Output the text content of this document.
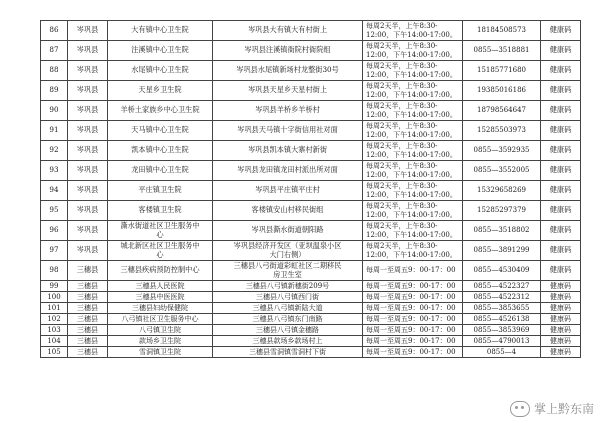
86	岑巩县	大有镇中心卫生院	岑巩县大有镇大有村街上	每周2天半，上午8:30-
12:00，下午14:00-17:00。	18184508573	健康码
87	岑巩县	注溪镇中心卫生院	岑巩县注溪镇衙院村衙院组	每周2天半，上午8:30-
12:00，下午14:00-17:00。	0855—3518881	健康码
88	岑巩县	水尾镇中心卫生院	岑巩县水尾镇新场村龙整街30号	每周2天半，上午8:30-
12:00，下午14:00-17:00。	15185771680	健康码
89	岑巩县	天星乡卫生院	岑巩县天星乡天星村街上	每周2天半，上午8:30-
12:00，下午14:00-17:00。	19385016186	健康码
90	岑巩县	羊桥土家族乡中心卫生院	岑巩县羊桥乡羊桥村	每周2天半，上午8:30-
12:00，下午14:00-17:00。	18798564647	健康码
91	岑巩县	天马镇中心卫生院	岑巩县天马镇十字街信用社对面	每周2天半，上午8:30-
12:00，下午14:00-17:00。	15285503973	健康码
92	岑巩县	凯本镇中心卫生院	岑巩县凯本镇大寨村新街	每周2天半，上午8:30-
12:00，下午14:00-17:00。	0855—3592935	健康码
93	岑巩县	龙田镇中心卫生院	岑巩县龙田镇龙田村派出所对面	每周2天半，上午8:30-
12:00，下午14:00-17:00。	0855—3552005	健康码
94	岑巩县	平庄镇卫生院	岑巩县平庄镇平庄村	每周2天半，上午8:30-
12:00，下午14:00-17:00。	15329658269	健康码
95	岑巩县	客楼镇卫生院	客楼镇安山村移民街组	每周2天半，上午8:30-
12:00，下午14:00-17:00。	15285297379	健康码
96	岑巩县	澌水街道社区卫生服务中
心	岑巩县澌水街道朝阳路	每周2天半，上午8:30-
12:00，下午14:00-17:00。	0855—3518802	健康码
97	岑巩县	城北新区社区卫生服务中
心	岑巩县经济开发区（亚坝温泉小区
大门右侧）	每周2天半，上午8:30-
12:00，下午14:00-17:00。	0855—3891299	健康码
98	三穗县	三穗县疾病预防控制中心	三穗县八弓街道彩虹社区二期移民
房卫生室	每周一至周五9：00-17：00	0855—4530409	健康码
99	三穗县	三穗县人民医院	三穗县八弓镇新穗街209号	每周一至周五9：00-17：00	0855—4522327	健康码
100	三穗县	三穗县中医医院	三穗县八弓镇西门街	每周一至周五9：00-17：00	0855—4522312	健康码
101	三穗县	三穗县妇幼保健院	三穗县八弓镇新陆大道	每周一至周五9：00-17：00	0855—3853655	健康码
102	三穗县	八弓镇社区卫生服务中心	三穗县八弓镇东门南路	每周一至周五9：00-17：00	0855—4526138	健康码
103	三穗县	八弓镇卫生院	三穗县八弓镇金穗路	每周一至周五9：00-17：00	0855—3853969	健康码
104	三穗县	款场乡卫生院	三穗县款场乡款场村上	每周一至周五9：00-17：00	0855—4790013	健康码
105	三穗县	雪洞镇卫生院	三穗县雪洞镇雪洞村下街	每周一至周五9：00-17：00	0855—4	健康码
掌上黔东南
